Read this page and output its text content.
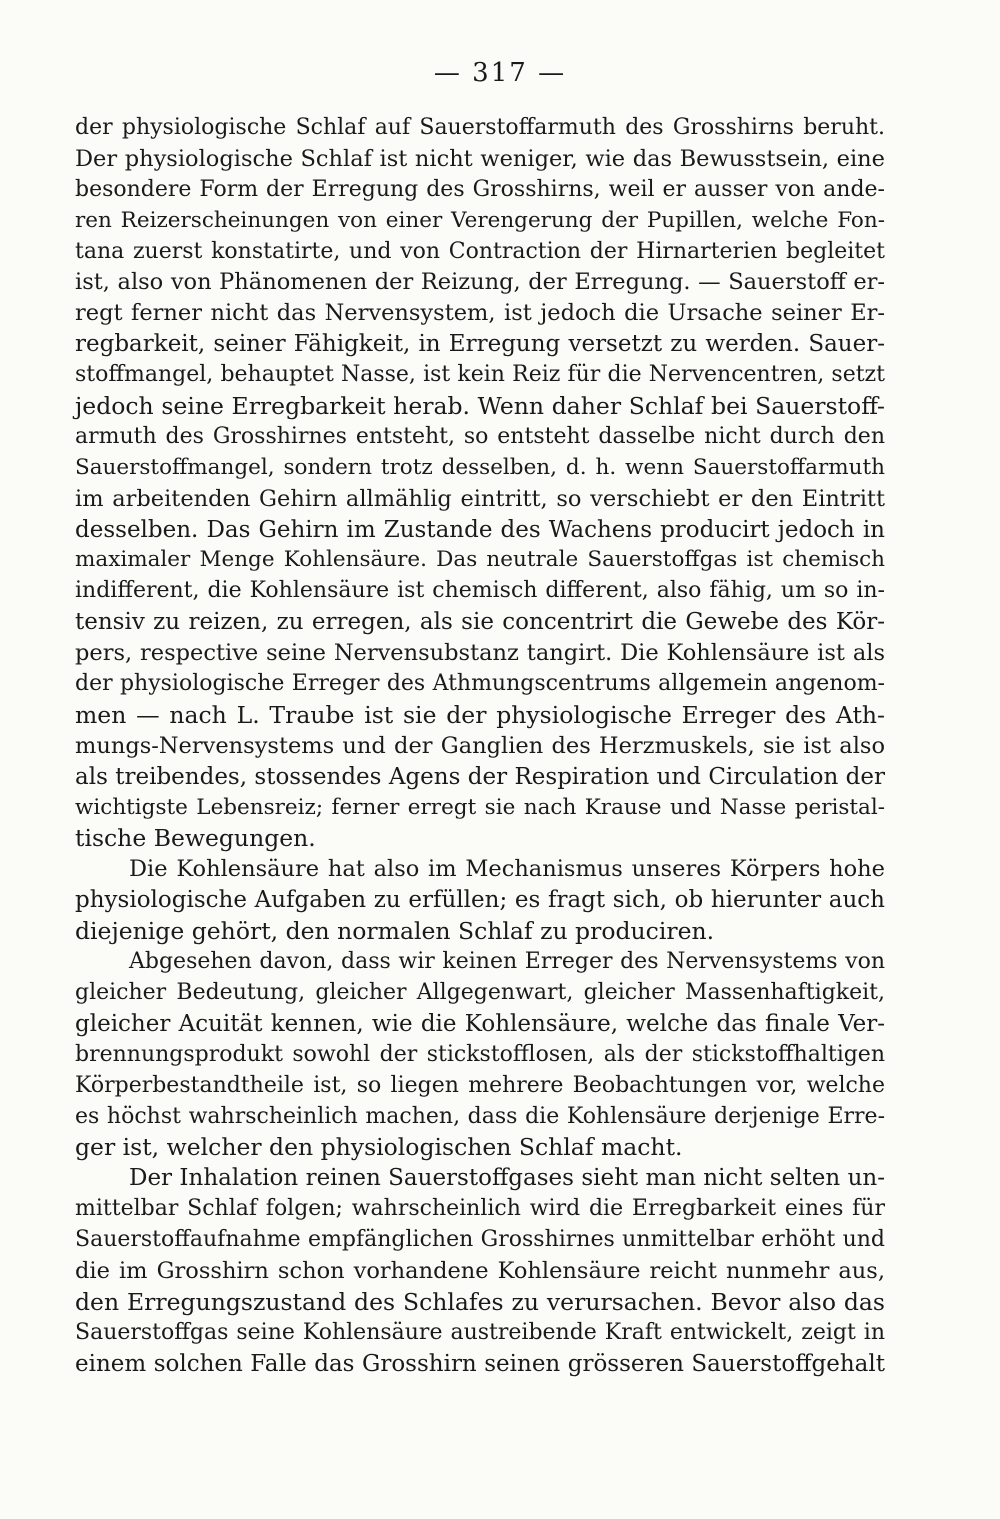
— 317 —
der physiologische Schlaf auf Sauerstoffarmuth des Grosshirns beruht.
Der physiologische Schlaf ist nicht weniger, wie das Bewusstsein, eine
besondere Form der Erregung des Grosshirns, weil er ausser von ande-
ren Reizerscheinungen von einer Verengerung der Pupillen, welche Fon-
tana zuerst konstatirte, und von Contraction der Hirnarterien begleitet
ist, also von Phänomenen der Reizung, der Erregung. — Sauerstoff er-
regt ferner nicht das Nervensystem, ist jedoch die Ursache seiner Er-
regbarkeit, seiner Fähigkeit, in Erregung versetzt zu werden. Sauer-
stoffmangel, behauptet Nasse, ist kein Reiz für die Nervencentren, setzt
jedoch seine Erregbarkeit herab. Wenn daher Schlaf bei Sauerstoff-
armuth des Grosshirnes entsteht, so entsteht dasselbe nicht durch den
Sauerstoffmangel, sondern trotz desselben, d. h. wenn Sauerstoffarmuth
im arbeitenden Gehirn allmählig eintritt, so verschiebt er den Eintritt
desselben. Das Gehirn im Zustande des Wachens producirt jedoch in
maximaler Menge Kohlensäure. Das neutrale Sauerstoffgas ist chemisch
indifferent, die Kohlensäure ist chemisch different, also fähig, um so in-
tensiv zu reizen, zu erregen, als sie concentrirt die Gewebe des Kör-
pers, respective seine Nervensubstanz tangirt. Die Kohlensäure ist als
der physiologische Erreger des Athmungscentrums allgemein angenom-
men — nach L. Traube ist sie der physiologische Erreger des Ath-
mungs-Nervensystems und der Ganglien des Herzmuskels, sie ist also
als treibendes, stossendes Agens der Respiration und Circulation der
wichtigste Lebensreiz; ferner erregt sie nach Krause und Nasse peristal-
tische Bewegungen.
Die Kohlensäure hat also im Mechanismus unseres Körpers hohe
physiologische Aufgaben zu erfüllen; es fragt sich, ob hierunter auch
diejenige gehört, den normalen Schlaf zu produciren.
Abgesehen davon, dass wir keinen Erreger des Nervensystems von
gleicher Bedeutung, gleicher Allgegenwart, gleicher Massenhaftigkeit,
gleicher Acuität kennen, wie die Kohlensäure, welche das finale Ver-
brennungsprodukt sowohl der stickstofflosen, als der stickstoffhaltigen
Körperbestandtheile ist, so liegen mehrere Beobachtungen vor, welche
es höchst wahrscheinlich machen, dass die Kohlensäure derjenige Erre-
ger ist, welcher den physiologischen Schlaf macht.
Der Inhalation reinen Sauerstoffgases sieht man nicht selten un-
mittelbar Schlaf folgen; wahrscheinlich wird die Erregbarkeit eines für
Sauerstoffaufnahme empfänglichen Grosshirnes unmittelbar erhöht und
die im Grosshirn schon vorhandene Kohlensäure reicht nunmehr aus,
den Erregungszustand des Schlafes zu verursachen. Bevor also das
Sauerstoffgas seine Kohlensäure austreibende Kraft entwickelt, zeigt in
einem solchen Falle das Grosshirn seinen grösseren Sauerstoffgehalt
